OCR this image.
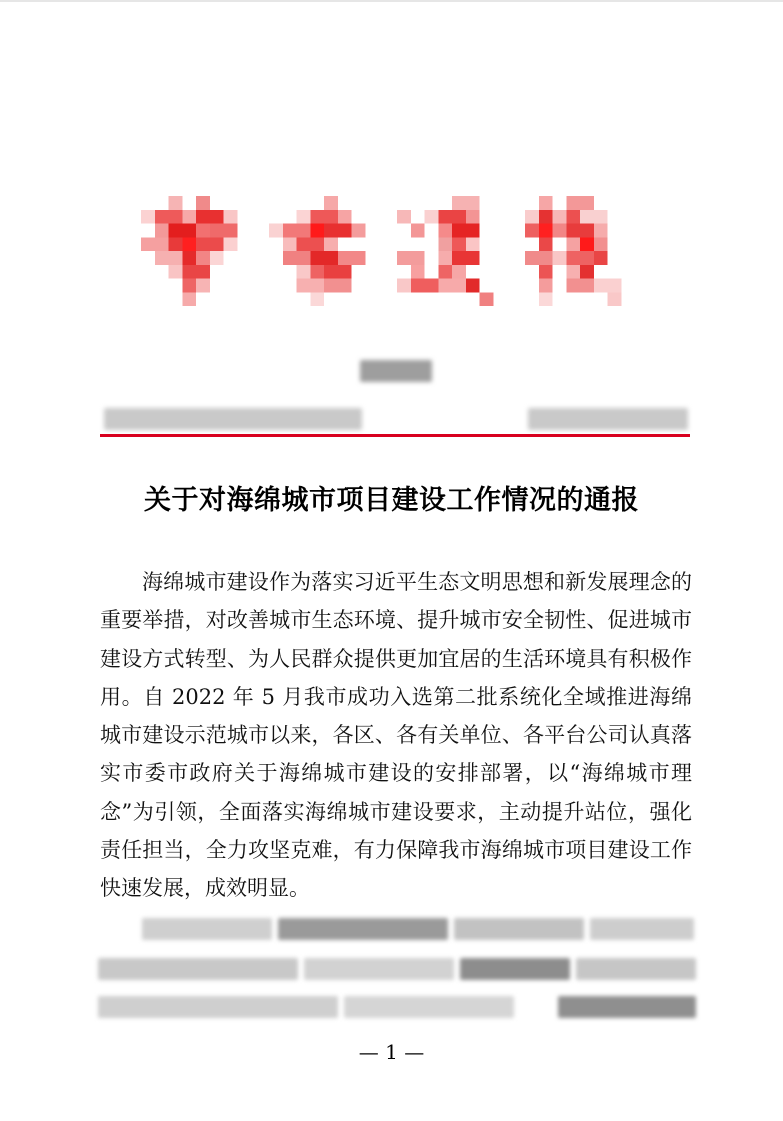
关于对海绵城市项目建设工作情况的通报

海绵城市建设作为落实习近平生态文明思想和新发展理念的重要举措，对改善城市生态环境、提升城市安全韧性、促进城市建设方式转型、为人民群众提供更加宜居的生活环境具有积极作用。自 2022 年 5 月我市成功入选第二批系统化全域推进海绵城市建设示范城市以来，各区、各有关单位、各平台公司认真落实市委市政府关于海绵城市建设的安排部署，以“海绵城市理念”为引领，全面落实海绵城市建设要求，主动提升站位，强化责任担当，全力攻坚克难，有力保障我市海绵城市项目建设工作快速发展，成效明显。

— 1 —
